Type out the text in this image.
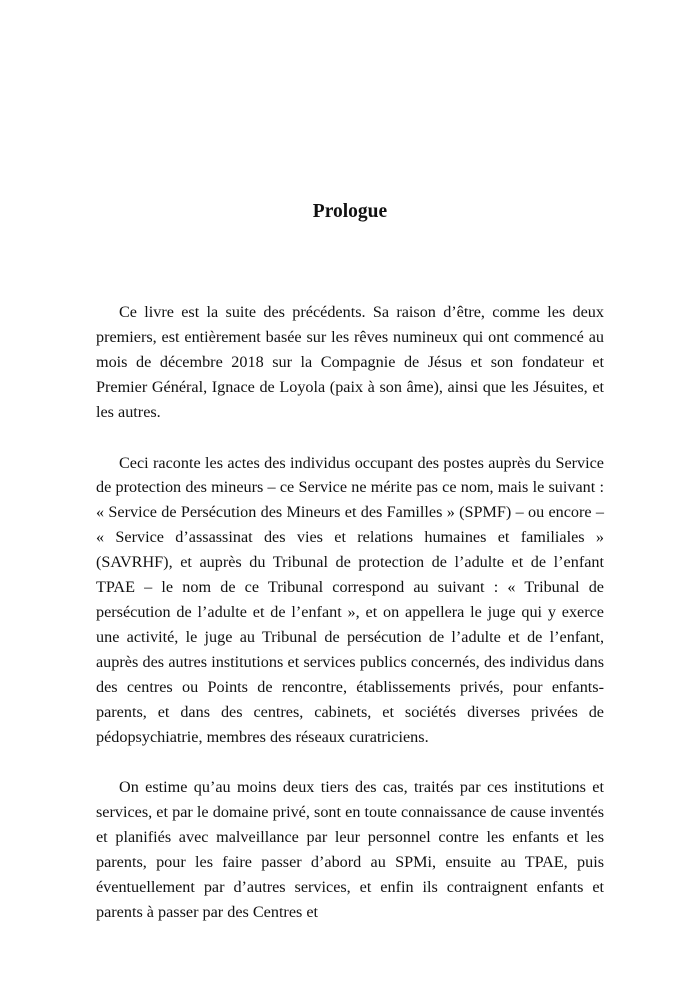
Prologue

Ce livre est la suite des précédents. Sa raison d’être, comme les deux premiers, est entièrement basée sur les rêves numineux qui ont commencé au mois de décembre 2018 sur la Compagnie de Jésus et son fondateur et Premier Général, Ignace de Loyola (paix à son âme), ainsi que les Jésuites, et les autres.

Ceci raconte les actes des individus occupant des postes auprès du Service de protection des mineurs – ce Service ne mérite pas ce nom, mais le suivant : « Service de Persécution des Mineurs et des Familles » (SPMF) – ou encore – « Service d’assassinat des vies et relations humaines et familiales » (SAVRHF), et auprès du Tribunal de protection de l’adulte et de l’enfant TPAE – le nom de ce Tribunal correspond au suivant : « Tribunal de persécution de l’adulte et de l’enfant », et on appellera le juge qui y exerce une activité, le juge au Tribunal de persécution de l’adulte et de l’enfant, auprès des autres institutions et services publics concernés, des individus dans des centres ou Points de rencontre, établissements privés, pour enfants-parents, et dans des centres, cabinets, et sociétés diverses privées de pédopsychiatrie, membres des réseaux curatriciens.

On estime qu’au moins deux tiers des cas, traités par ces institutions et services, et par le domaine privé, sont en toute connaissance de cause inventés et planifiés avec malveillance par leur personnel contre les enfants et les parents, pour les faire passer d’abord au SPMi, ensuite au TPAE, puis éventuellement par d’autres services, et enfin ils contraignent enfants et parents à passer par des Centres et
